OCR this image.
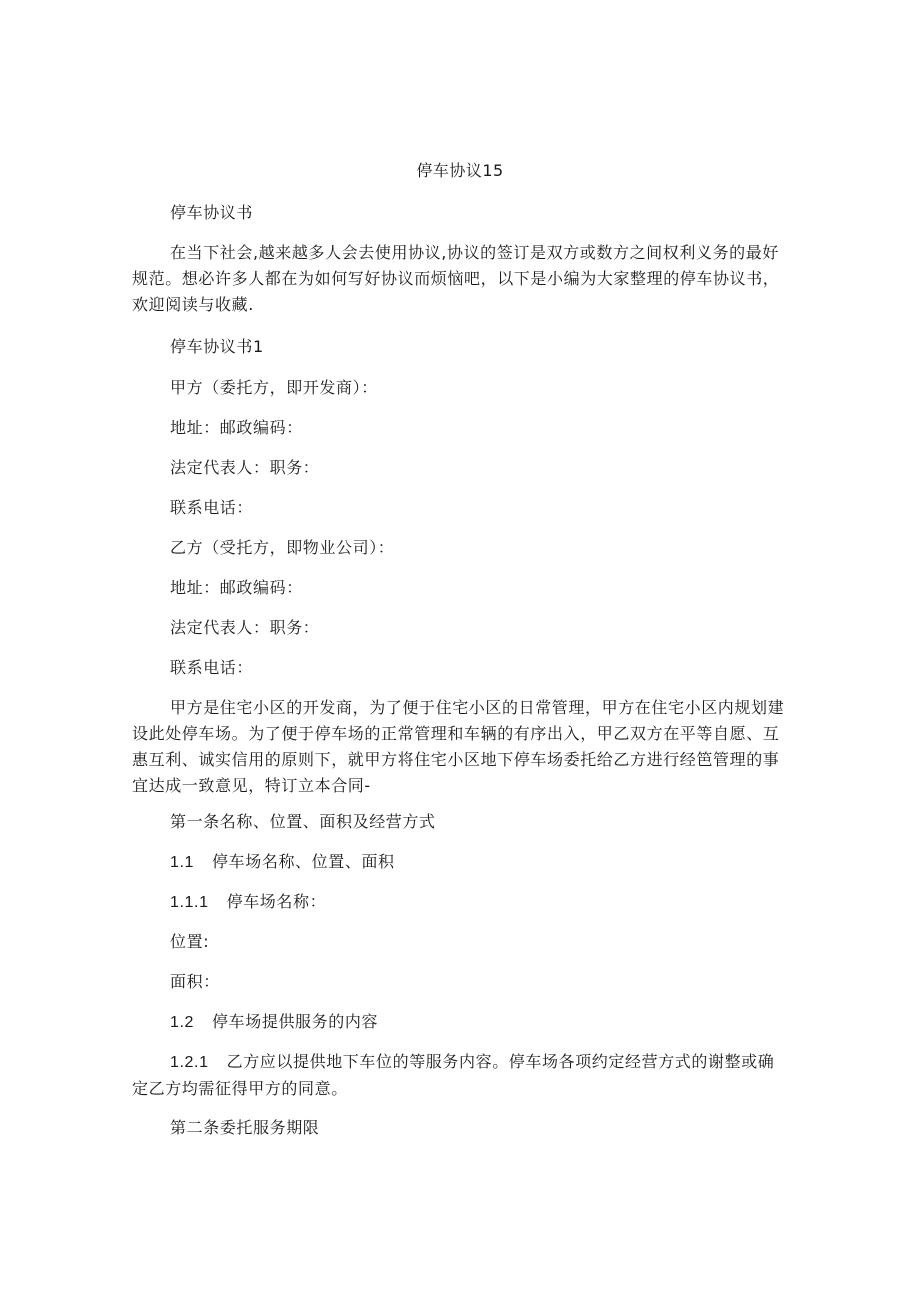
停车协议15

停车协议书

在当下社会,越来越多人会去使用协议,协议的签订是双方或数方之间权利义务的最好规范。想必许多人都在为如何写好协议而烦恼吧，以下是小编为大家整理的停车协议书，欢迎阅读与收藏.

停车协议书1

甲方（委托方，即开发商）：

地址：邮政编码：

法定代表人：职务：

联系电话：

乙方（受托方，即物业公司）：

地址：邮政编码：

法定代表人：职务：

联系电话：

甲方是住宅小区的开发商，为了便于住宅小区的日常管理，甲方在住宅小区内规划建设此处停车场。为了便于停车场的正常管理和车辆的有序出入，甲乙双方在平等自愿、互惠互利、诚实信用的原则下，就甲方将住宅小区地下停车场委托给乙方进行经笆管理的事宜达成一致意见，特订立本合同-

第一条名称、位置、面积及经营方式

1.1 停车场名称、位置、面积

1.1.1 停车场名称：

位置:

面积：

1.2 停车场提供服务的内容

1.2.1 乙方应以提供地下车位的等服务内容。停车场各项约定经营方式的谢整或确定乙方均需征得甲方的同意。

第二条委托服务期限
